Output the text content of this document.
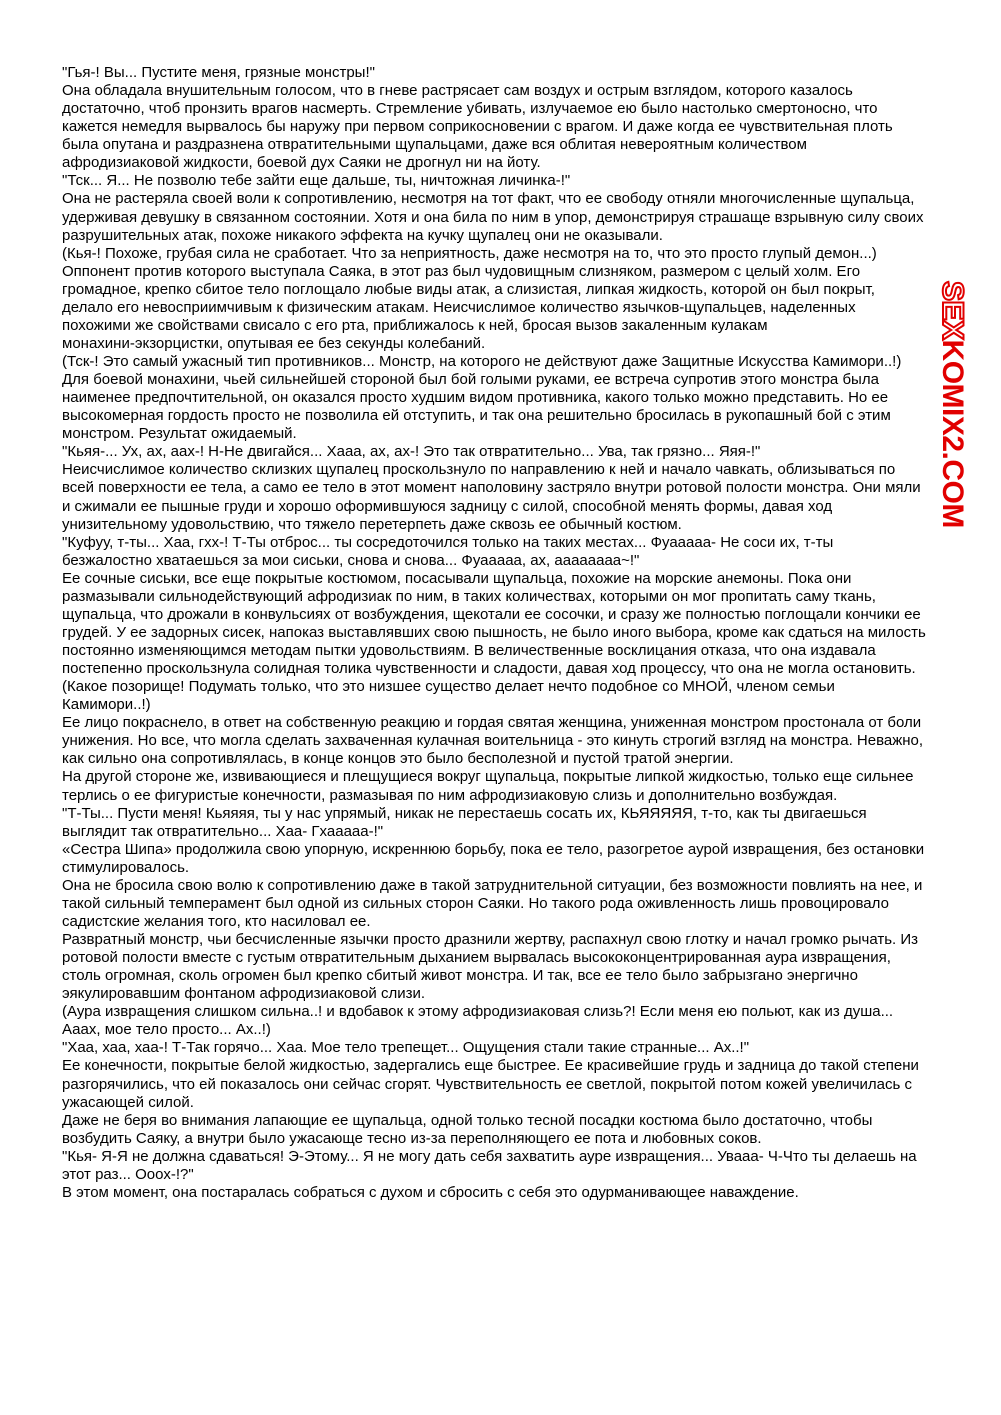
"Гья-! Вы... Пустите меня, грязные монстры!"
Она обладала внушительным голосом, что в гневе растрясает сам воздух и острым взглядом, которого казалось
достаточно, чтоб пронзить врагов насмерть. Стремление убивать, излучаемое ею было настолько смертоносно, что
кажется немедля вырвалось бы наружу при первом соприкосновении с врагом. И даже когда ее чувствительная плоть
была опутана и раздразнена отвратительными щупальцами, даже вся облитая невероятным количеством
афродизиаковой жидкости, боевой дух Саяки не дрогнул ни на йоту.
"Тск... Я... Не позволю тебе зайти еще дальше, ты, ничтожная личинка-!"
Она не растеряла своей воли к сопротивлению, несмотря на тот факт, что ее свободу отняли многочисленные щупальца,
удерживая девушку в связанном состоянии. Хотя и она била по ним в упор, демонстрируя страшаще взрывную силу своих
разрушительных атак, похоже никакого эффекта на кучку щупалец они не оказывали.
(Кья-! Похоже, грубая сила не сработает. Что за неприятность, даже несмотря на то, что это просто глупый демон...)
Оппонент против которого выступала Саяка, в этот раз был чудовищным слизняком, размером с целый холм. Его
громадное, крепко сбитое тело поглощало любые виды атак, а слизистая, липкая жидкость, которой он был покрыт,
делало его невосприимчивым к физическим атакам. Неисчислимое количество язычков-щупальцев, наделенных
похожими же свойствами свисало с его рта, приближалось к ней, бросая вызов закаленным кулакам
монахини-экзорцистки, опутывая ее без секунды колебаний.
(Тск-! Это самый ужасный тип противников... Монстр, на которого не действуют даже Защитные Искусства Камимори..!)
Для боевой монахини, чьей сильнейшей стороной был бой голыми руками, ее встреча супротив этого монстра была
наименее предпочтительной, он оказался просто худшим видом противника, какого только можно представить. Но ее
высокомерная гордость просто не позволила ей отступить, и так она решительно бросилась в рукопашный бой с этим
монстром. Результат ожидаемый.
"Кьяя-... Ух, ах, аах-! Н-Не двигайся... Хааа, ах, ах-! Это так отвратительно... Ува, так грязно... Яяя-!"
Неисчислимое количество склизких щупалец проскользнуло по направлению к ней и начало чавкать, облизываться по
всей поверхности ее тела, а само ее тело в этот момент наполовину застряло внутри ротовой полости монстра. Они мяли
и сжимали ее пышные груди и хорошо оформившуюся задницу с силой, способной менять формы, давая ход
унизительному удовольствию, что тяжело перетерпеть даже сквозь ее обычный костюм.
"Куфуу, т-ты... Хаа, гхх-! Т-Ты отброс... ты сосредоточился только на таких местах... Фуааааа- Не соси их, т-ты
безжалостно хватаешься за мои сиськи, снова и снова... Фуааааа, ах, аааааааа~!"
Ее сочные сиськи, все еще покрытые костюмом, посасывали щупальца, похожие на морские анемоны. Пока они
размазывали сильнодействующий афродизиак по ним, в таких количествах, которыми он мог пропитать саму ткань,
щупальца, что дрожали в конвульсиях от возбуждения, щекотали ее сосочки, и сразу же полностью поглощали кончики ее
грудей. У ее задорных сисек, напоказ выставлявших свою пышность, не было иного выбора, кроме как сдаться на милость
постоянно изменяющимся методам пытки удовольствиям. В величественные восклицания отказа, что она издавала
постепенно проскользнула солидная толика чувственности и сладости, давая ход процессу, что она не могла остановить.
(Какое позорище! Подумать только, что это низшее существо делает нечто подобное со МНОЙ, членом семьи
Камимори..!)
Ее лицо покраснело, в ответ на собственную реакцию и гордая святая женщина, униженная монстром простонала от боли
унижения. Но все, что могла сделать захваченная кулачная воительница - это кинуть строгий взгляд на монстра. Неважно,
как сильно она сопротивлялась, в конце концов это было бесполезной и пустой тратой энергии.
На другой стороне же, извивающиеся и плещущиеся вокруг щупальца, покрытые липкой жидкостью, только еще сильнее
терлись о ее фигуристые конечности, размазывая по ним афродизиаковую слизь и дополнительно возбуждая.
"Т-Ты... Пусти меня! Кьяяяя, ты у нас упрямый, никак не перестаешь сосать их, КЬЯЯЯЯЯ, т-то, как ты двигаешься
выглядит так отвратительно... Хаа- Гхааааа-!"
«Сестра Шипа» продолжила свою упорную, искреннюю борьбу, пока ее тело, разогретое аурой извращения, без остановки
стимулировалось.
Она не бросила свою волю к сопротивлению даже в такой затруднительной ситуации, без возможности повлиять на нее, и
такой сильный темперамент был одной из сильных сторон Саяки. Но такого рода оживленность лишь провоцировало
садистские желания того, кто насиловал ее.
Развратный монстр, чьи бесчисленные язычки просто дразнили жертву, распахнул свою глотку и начал громко рычать. Из
ротовой полости вместе с густым отвратительным дыханием вырвалась высококонцентрированная аура извращения,
столь огромная, сколь огромен был крепко сбитый живот монстра. И так, все ее тело было забрызгано энергично
эякулировавшим фонтаном афродизиаковой слизи.
(Аура извращения слишком сильна..! и вдобавок к этому афродизиаковая слизь?! Если меня ею польют, как из душа...
Ааах, мое тело просто... Ах..!)
"Хаа, хаа, хаа-! Т-Так горячо... Хаа. Мое тело трепещет... Ощущения стали такие странные... Ах..!"
Ее конечности, покрытые белой жидкостью, задергались еще быстрее. Ее красивейшие грудь и задница до такой степени
разгорячились, что ей показалось они сейчас сгорят. Чувствительность ее светлой, покрытой потом кожей увеличилась с
ужасающей силой.
Даже не беря во внимания лапающие ее щупальца, одной только тесной посадки костюма было достаточно, чтобы
возбудить Саяку, а внутри было ужасающе тесно из-за переполняющего ее пота и любовных соков.
"Кья- Я-Я не должна сдаваться! Э-Этому... Я не могу дать себя захватить ауре извращения... Увааа- Ч-Что ты делаешь на
этот раз... Ооох-!?"
В этом момент, она постаралась собраться с духом и сбросить с себя это одурманивающее наваждение.
SEXKOMIX2.COM
